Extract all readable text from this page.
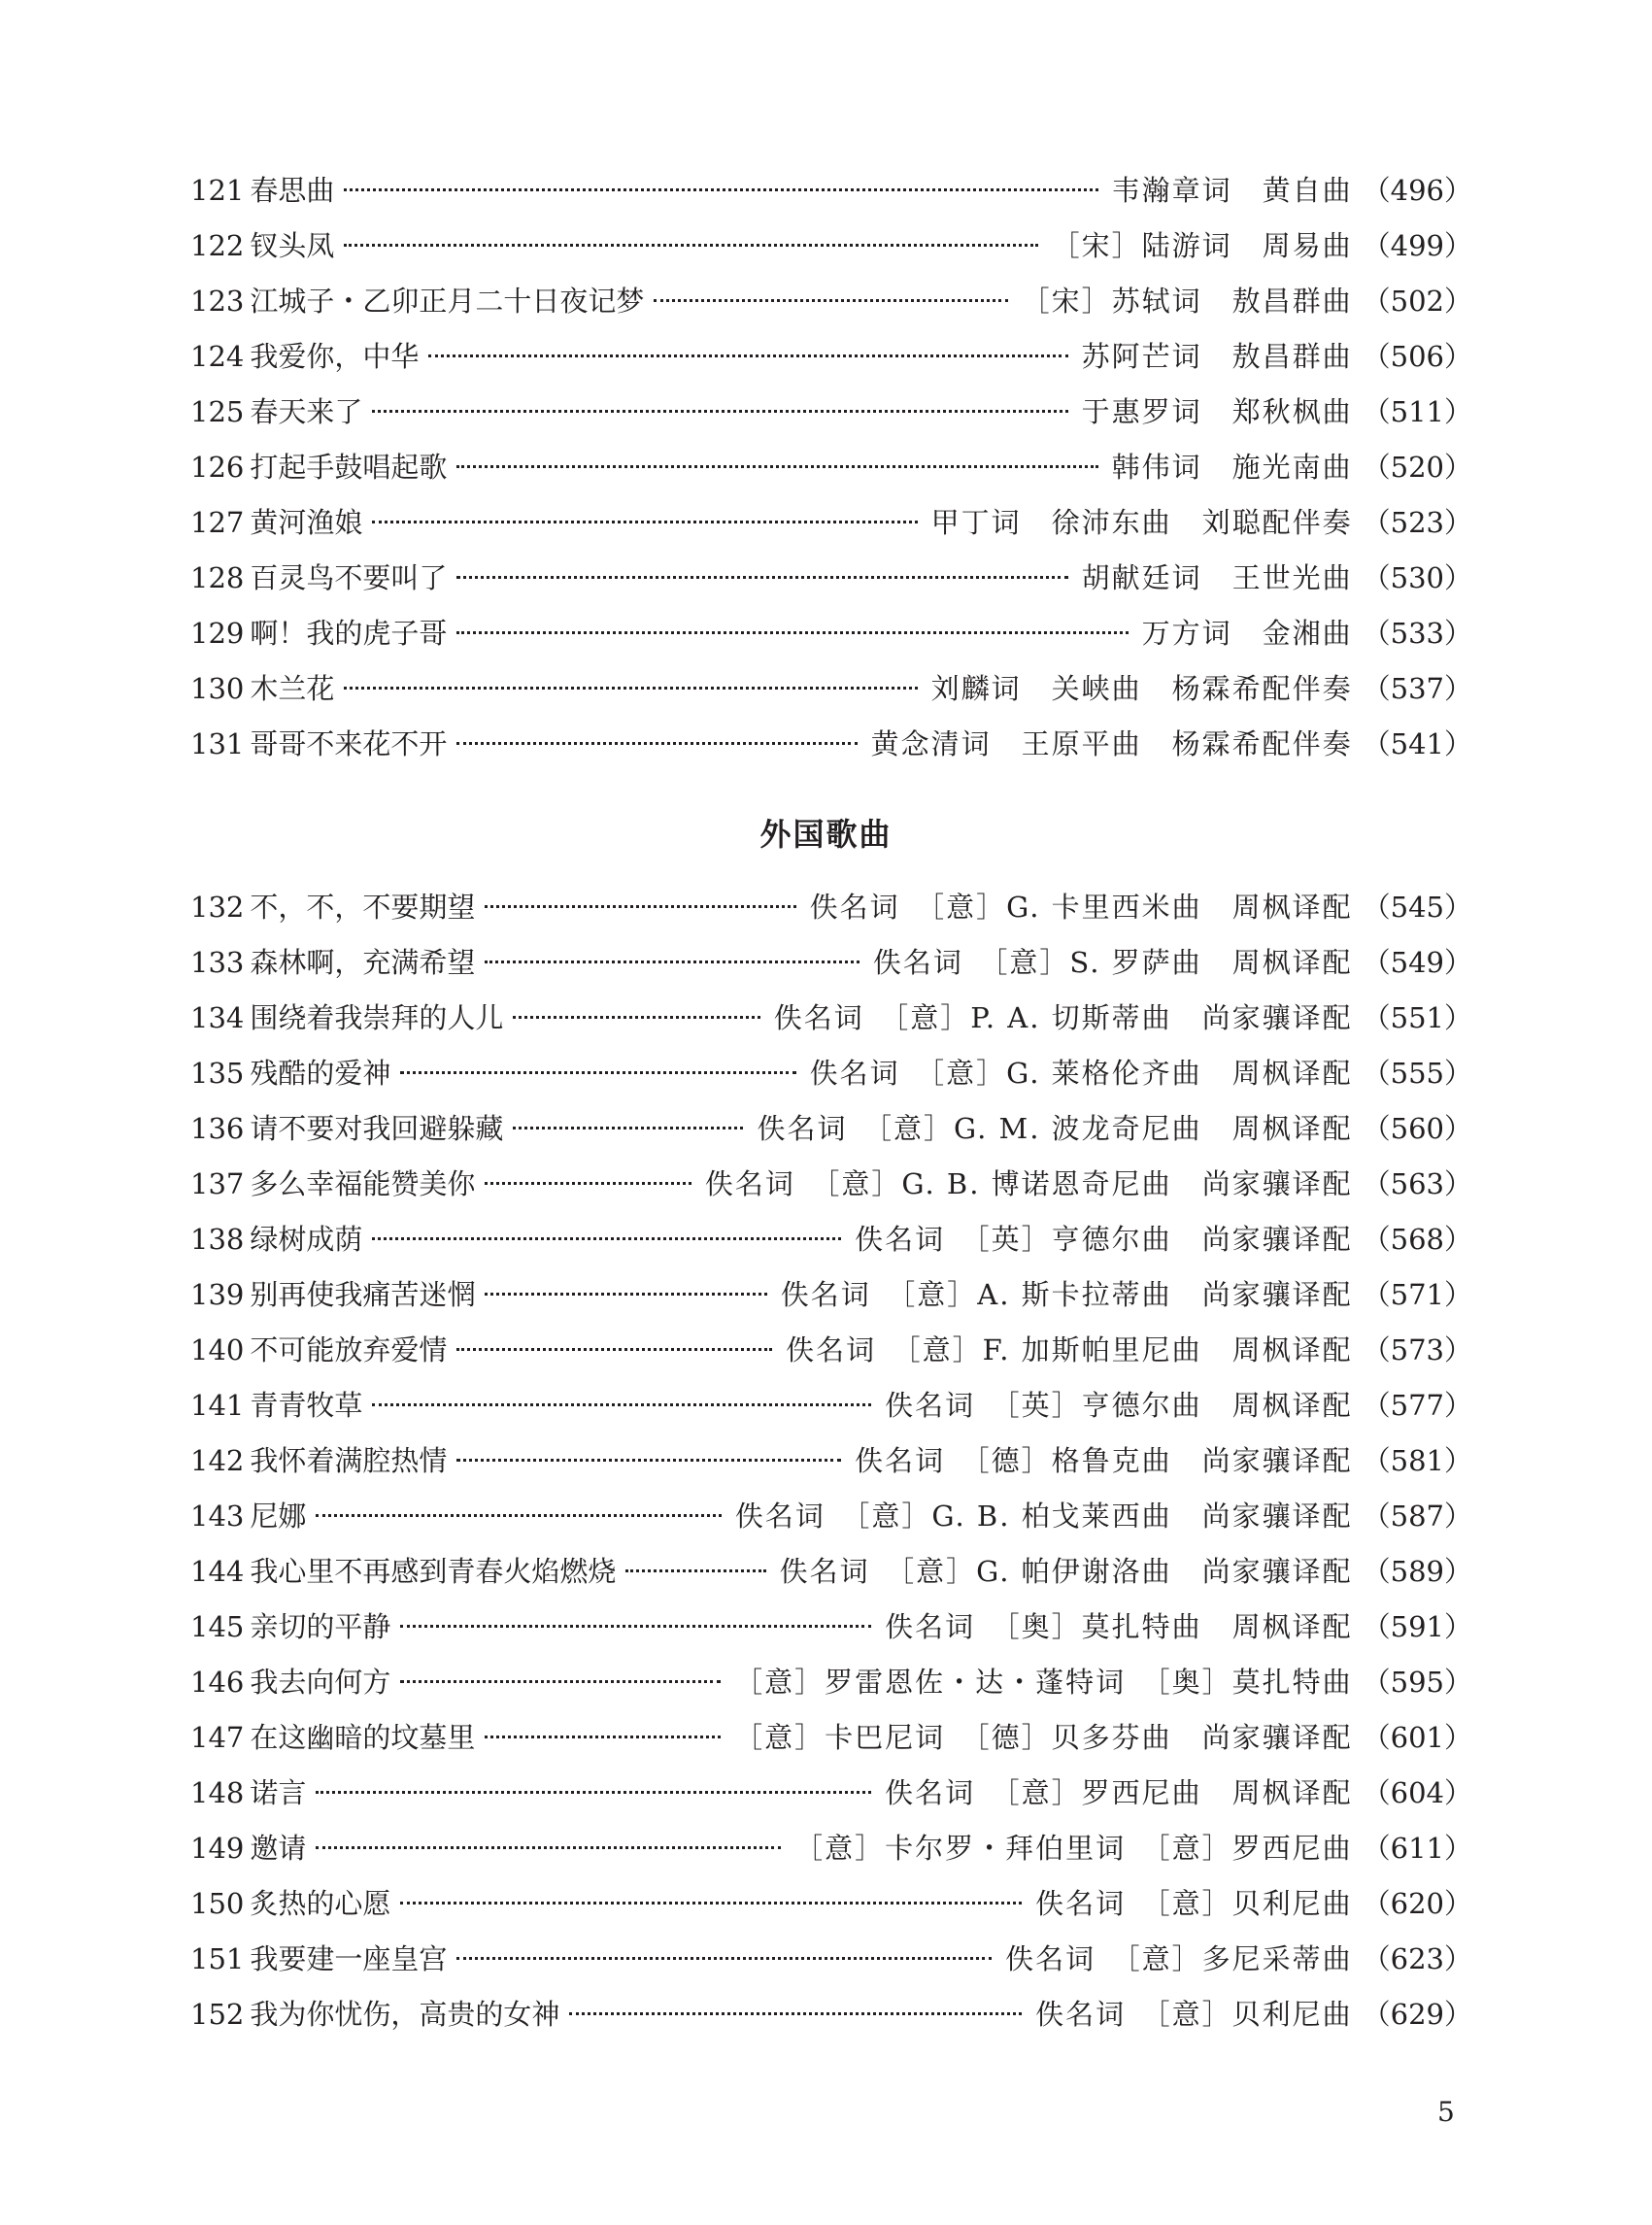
121 春思曲	韦瀚章词　黄自曲 （496）
122 钗头凤	［宋］陆游词　周易曲 （499）
123 江城子・乙卯正月二十日夜记梦	［宋］苏轼词　敖昌群曲 （502）
124 我爱你，中华	苏阿芒词　敖昌群曲 （506）
125 春天来了	于惠罗词　郑秋枫曲 （511）
126 打起手鼓唱起歌	韩伟词　施光南曲 （520）
127 黄河渔娘	甲丁词　徐沛东曲　刘聪配伴奏 （523）
128 百灵鸟不要叫了	胡献廷词　王世光曲 （530）
129 啊！我的虎子哥	万方词　金湘曲 （533）
130 木兰花	刘麟词　关峡曲　杨霖希配伴奏 （537）
131 哥哥不来花不开	黄念清词　王原平曲　杨霖希配伴奏 （541）
外国歌曲
132 不，不，不要期望	佚名词　［意］G. 卡里西米曲　周枫译配 （545）
133 森林啊，充满希望	佚名词　［意］S. 罗萨曲　周枫译配 （549）
134 围绕着我崇拜的人儿	佚名词　［意］P. A. 切斯蒂曲　尚家骧译配 （551）
135 残酷的爱神	佚名词　［意］G. 莱格伦齐曲　周枫译配 （555）
136 请不要对我回避躲藏	佚名词　［意］G. M. 波龙奇尼曲　周枫译配 （560）
137 多么幸福能赞美你	佚名词　［意］G. B. 博诺恩奇尼曲　尚家骧译配 （563）
138 绿树成荫	佚名词　［英］亨德尔曲　尚家骧译配 （568）
139 别再使我痛苦迷惘	佚名词　［意］A. 斯卡拉蒂曲　尚家骧译配 （571）
140 不可能放弃爱情	佚名词　［意］F. 加斯帕里尼曲　周枫译配 （573）
141 青青牧草	佚名词　［英］亨德尔曲　周枫译配 （577）
142 我怀着满腔热情	佚名词　［德］格鲁克曲　尚家骧译配 （581）
143 尼娜	佚名词　［意］G. B. 柏戈莱西曲　尚家骧译配 （587）
144 我心里不再感到青春火焰燃烧	佚名词　［意］G. 帕伊谢洛曲　尚家骧译配 （589）
145 亲切的平静	佚名词　［奥］莫扎特曲　周枫译配 （591）
146 我去向何方	［意］罗雷恩佐・达・蓬特词　［奥］莫扎特曲 （595）
147 在这幽暗的坟墓里	［意］卡巴尼词　［德］贝多芬曲　尚家骧译配 （601）
148 诺言	佚名词　［意］罗西尼曲　周枫译配 （604）
149 邀请	［意］卡尔罗・拜伯里词　［意］罗西尼曲 （611）
150 炙热的心愿	佚名词　［意］贝利尼曲 （620）
151 我要建一座皇宫	佚名词　［意］多尼采蒂曲 （623）
152 我为你忧伤，高贵的女神	佚名词　［意］贝利尼曲 （629）
5
